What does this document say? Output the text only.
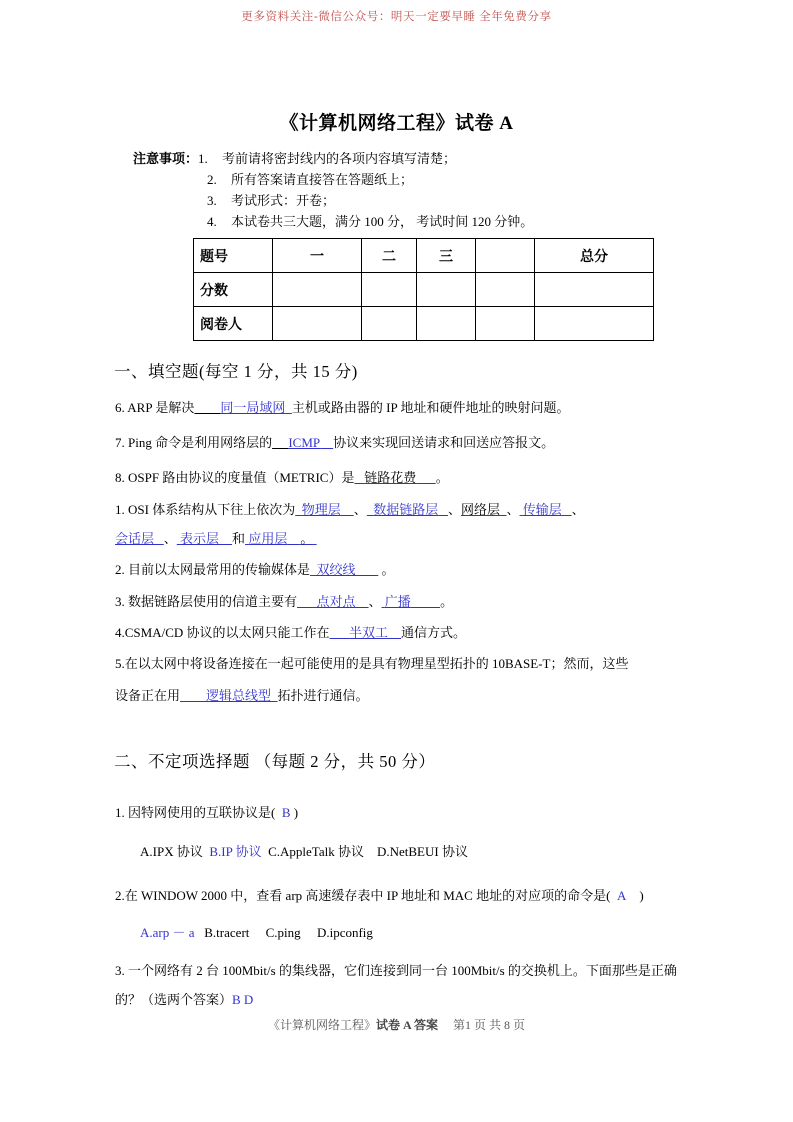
更多资料关注-微信公众号：明天一定要早睡 全年免费分享
《计算机网络工程》试卷 A
注意事项： 1.	考前请将密封线内的各项内容填写清楚；
2.	所有答案请直接答在答题纸上；
3.	考试形式：开卷；
4.	本试卷共三大题，满分 100 分， 考试时间 120 分钟。
题号	一	二	三		总分
分数					
阅卷人					
一、填空题(每空 1 分，共 15 分)
6. ARP 是解决 同一局域网 主机或路由器的 IP 地址和硬件地址的映射问题。
7. Ping 命令是利用网络层的 ICMP 协议来实现回送请求和回送应答报文。
8. OSPF 路由协议的度量值（METRIC）是 链路花费 。
1. OSI 体系结构从下往上依次为 物理层 、 数据链路层 、网络层 、 传输层 、
会话层 、 表示层 和 应用层 。
2. 目前以太网最常用的传输媒体是 双绞线 。
3. 数据链路层使用的信道主要有 点对点 、 广播 。
4.CSMA/CD 协议的以太网只能工作在 半双工 通信方式。
5.在以太网中将设备连接在一起可能使用的是具有物理星型拓扑的 10BASE-T；然而，这些
设备正在用 逻辑总线型 拓扑进行通信。
二、不定项选择题 （每题 2 分，共 50 分）
1. 因特网使用的互联协议是( B )
A.IPX 协议 B.IP 协议 C.AppleTalk 协议 D.NetBEUI 协议
2.在 WINDOW 2000 中，查看 arp 高速缓存表中 IP 地址和 MAC 地址的对应项的命令是( A )
A.arp － a B.tracert C.ping D.ipconfig
3. 一个网络有 2 台 100Mbit/s 的集线器，它们连接到同一台 100Mbit/s 的交换机上。下面那些是正确的？（选两个答案）B D
《计算机网络工程》试卷 A 答案 第1 页 共 8 页
